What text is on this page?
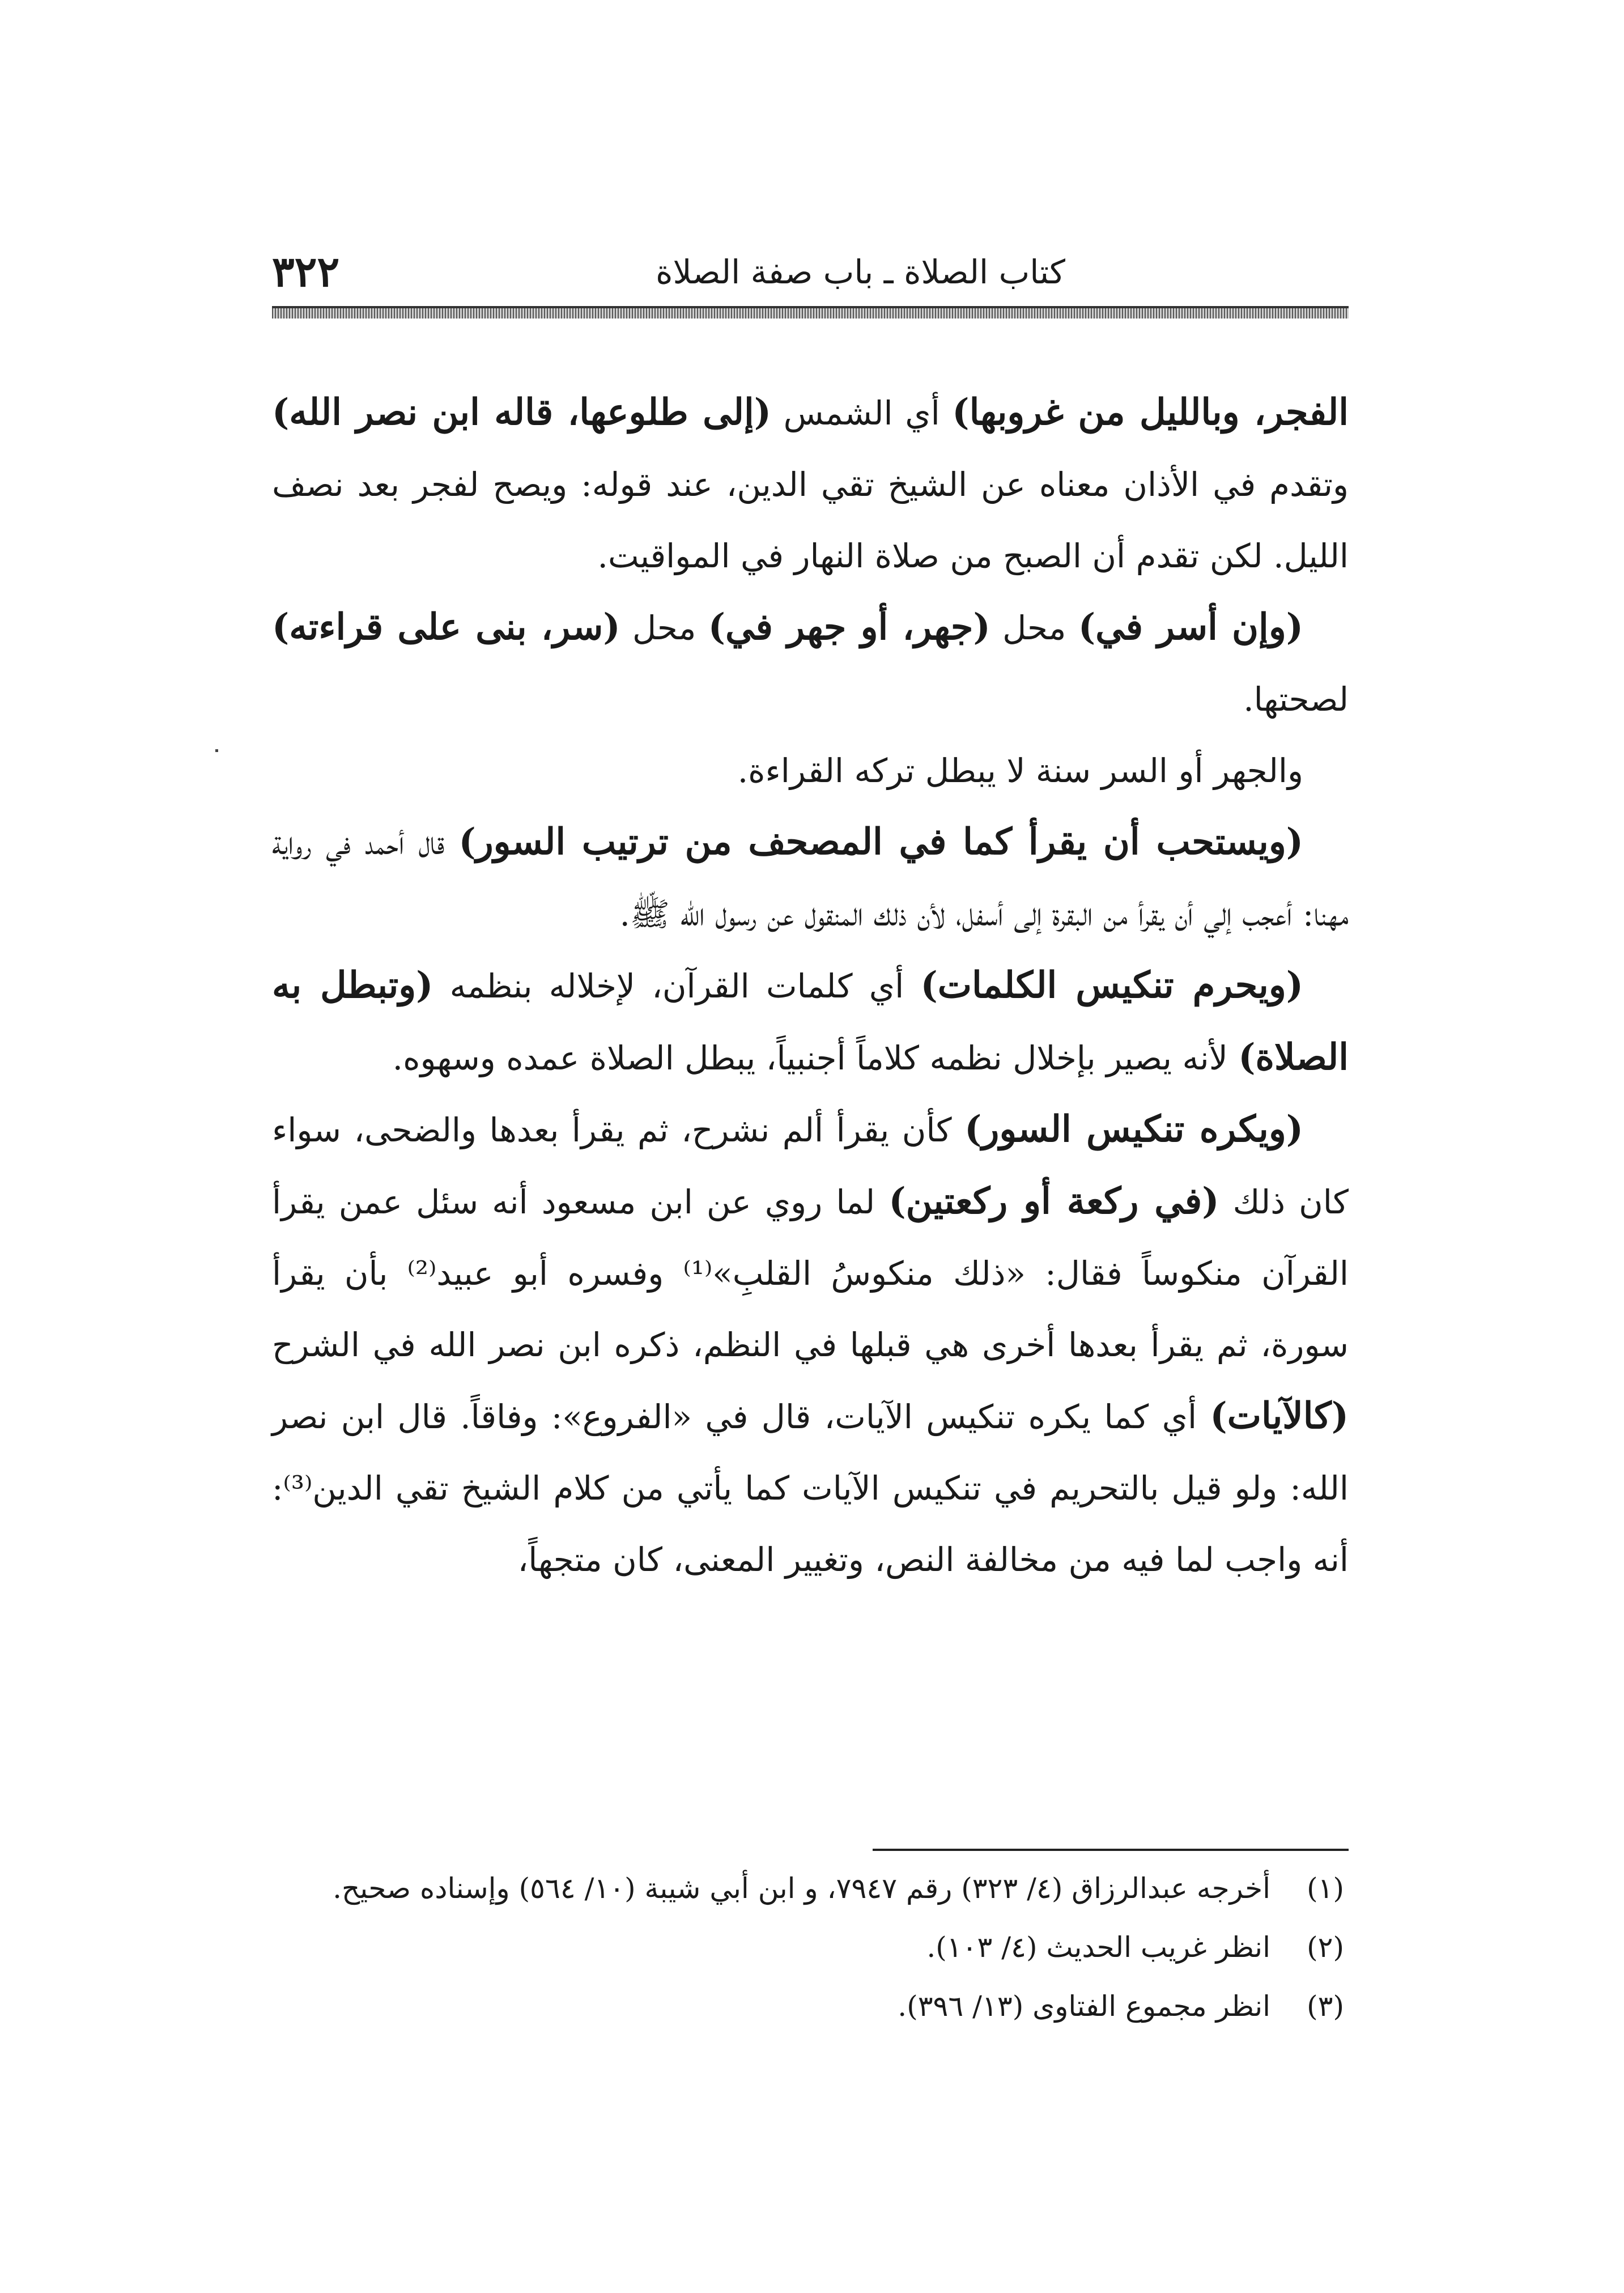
كتاب الصلاة ـ باب صفة الصلاة
٣٢٢

الفجر، وبالليل من غروبها) أي الشمس (إلى طلوعها، قاله ابن نصر الله) وتقدم في الأذان معناه عن الشيخ تقي الدين، عند قوله: ويصح لفجر بعد نصف الليل. لكن تقدم أن الصبح من صلاة النهار في المواقيت.

(وإن أسر في) محل (جهر، أو جهر في) محل (سر، بنى على قراءته) لصحتها.

والجهر أو السر سنة لا يبطل تركه القراءة.

(ويستحب أن يقرأ كما في المصحف من ترتيب السور) قال أحمد في رواية مهنا: أعجب إلي أن يقرأ من البقرة إلى أسفل، لأن ذلك المنقول عن رسول الله ﷺ.

(ويحرم تنكيس الكلمات) أي كلمات القرآن، لإخلاله بنظمه (وتبطل به الصلاة) لأنه يصير بإخلال نظمه كلاماً أجنبياً، يبطل الصلاة عمده وسهوه.

(ويكره تنكيس السور) كأن يقرأ ألم نشرح، ثم يقرأ بعدها والضحى، سواء كان ذلك (في ركعة أو ركعتين) لما روي عن ابن مسعود أنه سئل عمن يقرأ القرآن منكوساً فقال: «ذلك منكوسُ القلبِ»⁽¹⁾ وفسره أبو عبيد⁽²⁾ بأن يقرأ سورة، ثم يقرأ بعدها أخرى هي قبلها في النظم، ذكره ابن نصر الله في الشرح (كالآيات) أي كما يكره تنكيس الآيات، قال في «الفروع»: وفاقاً. قال ابن نصر الله: ولو قيل بالتحريم في تنكيس الآيات كما يأتي من كلام الشيخ تقي الدين⁽³⁾: أنه واجب لما فيه من مخالفة النص، وتغيير المعنى، كان متجهاً،

(١)
أخرجه عبدالرزاق (٤/ ٣٢٣) رقم ٧٩٤٧، و ابن أبي شيبة (١٠/ ٥٦٤) وإسناده صحيح.
(٢)
انظر غريب الحديث (٤/ ١٠٣).
(٣)
انظر مجموع الفتاوى (١٣/ ٣٩٦).
